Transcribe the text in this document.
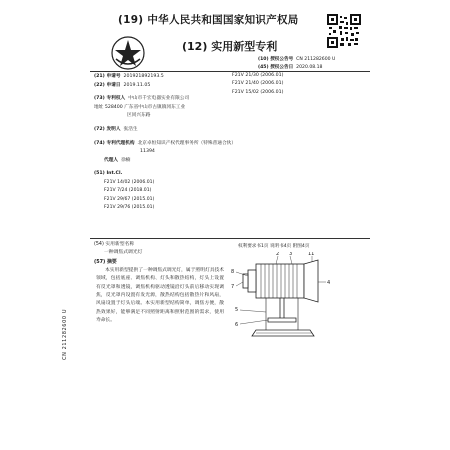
(19) 中华人民共和国国家知识产权局
(12) 实用新型专利
(10) 授权公告号 CN 211282600 U
(45) 授权公告日 2020.08.18
(21) 申请号 201921892193.5
(22) 申请日 2019.11.05
(73) 专利权人 中山市千宏电器实业有限公司
地址 528400 广东省中山市古镇镇冈东工业
区同兴东路
(72) 发明人 张浩生
(74) 专利代理机构 北京卓恒知识产权代理事务所（特殊普通合伙）
11394
代理人 徐楠
(51) Int.Cl.
F21V 14/02 (2006.01)
F21V 7/24 (2018.01)
F21V 29/67 (2015.01)
F21V 29/76 (2015.01)
F21V 21/30 (2006.01)
F21V 21/40 (2006.01)
F21V 15/02 (2006.01)
权利要求书1页 说明书4页 附图4页
(54) 实用新型名称
一种调焦式调光灯
(57) 摘要
本实用新型提供了一种调焦式调光灯，属于照明灯具技术领域，包括底座、调焦机构、灯头和散热结构，灯头上设置有反光罩和透镜，调焦机构驱动透镜沿灯头前后移动实现调焦，反光罩内设置有发光源，散热结构包括散热片和风扇，风扇设置于灯头后端。本实用新型结构简单，调焦方便，散热效果好，能够满足不同照射距离和照射范围的需求，使用寿命长。
2 3	11
4
8
7
5
6
CN 211282600 U
